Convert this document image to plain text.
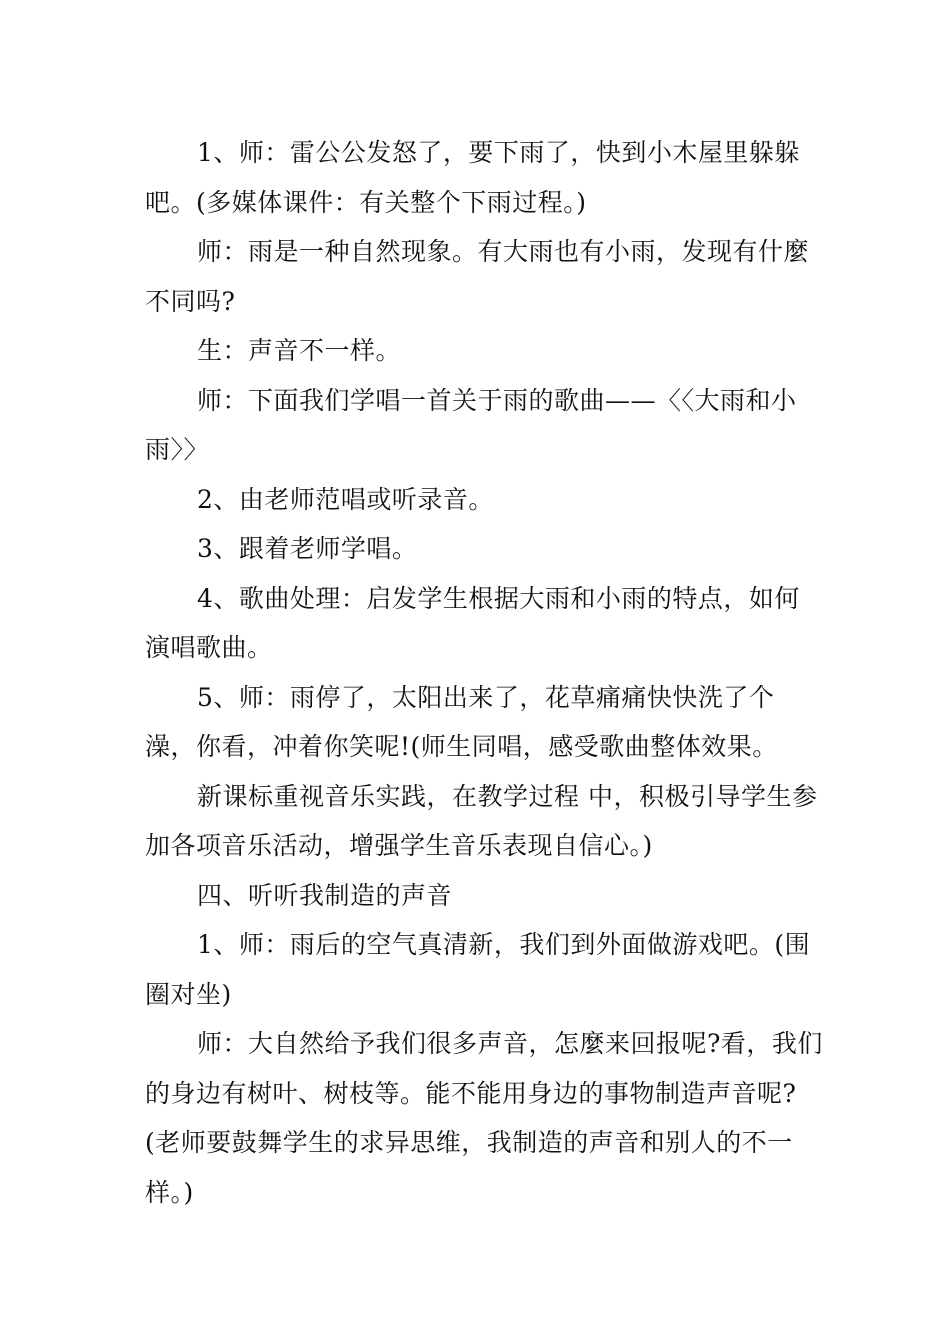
1、师：雷公公发怒了，要下雨了，快到小木屋里躲躲吧。(多媒体课件：有关整个下雨过程。)

师：雨是一种自然现象。有大雨也有小雨，发现有什麼不同吗?

生：声音不一样。

师：下面我们学唱一首关于雨的歌曲——〈〈大雨和小雨〉〉

2、由老师范唱或听录音。

3、跟着老师学唱。

4、歌曲处理：启发学生根据大雨和小雨的特点，如何演唱歌曲。

5、师：雨停了，太阳出来了，花草痛痛快快洗了个澡，你看，冲着你笑呢!(师生同唱，感受歌曲整体效果。

新课标重视音乐实践，在教学过程 中，积极引导学生参加各项音乐活动，增强学生音乐表现自信心。)

四、听听我制造的声音

1、师：雨后的空气真清新，我们到外面做游戏吧。(围圈对坐)

师：大自然给予我们很多声音，怎麼来回报呢?看，我们的身边有树叶、树枝等。能不能用身边的事物制造声音呢?(老师要鼓舞学生的求异思维，我制造的声音和别人的不一样。)
